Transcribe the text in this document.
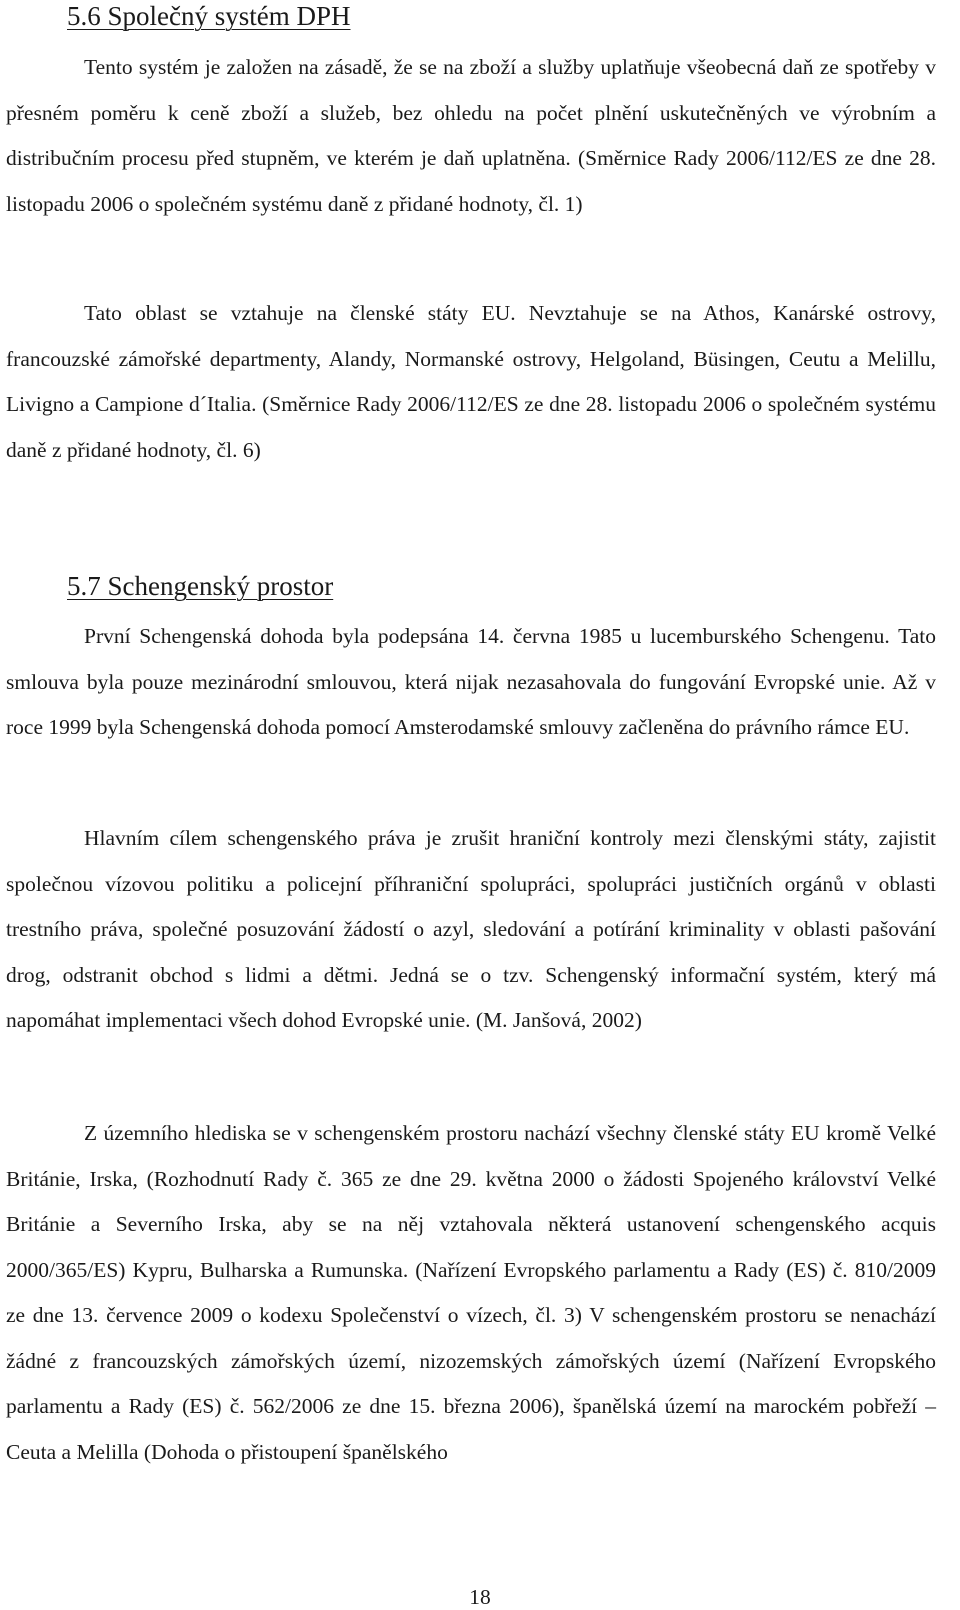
5.6 Společný systém DPH

Tento systém je založen na zásadě, že se na zboží a služby uplatňuje všeobecná daň ze spotřeby v přesném poměru k ceně zboží a služeb, bez ohledu na počet plnění uskutečněných ve výrobním a distribučním procesu před stupněm, ve kterém je daň uplatněna. (Směrnice Rady 2006/112/ES ze dne 28. listopadu 2006 o společném systému daně z přidané hodnoty, čl. 1)

Tato oblast se vztahuje na členské státy EU. Nevztahuje se na Athos, Kanárské ostrovy, francouzské zámořské departmenty, Alandy, Normanské ostrovy, Helgoland, Büsingen, Ceutu a Melillu, Livigno a Campione d´Italia. (Směrnice Rady 2006/112/ES ze dne 28. listopadu 2006 o společném systému daně z přidané hodnoty, čl. 6)

5.7 Schengenský prostor

První Schengenská dohoda byla podepsána 14. června 1985 u lucemburského Schengenu. Tato smlouva byla pouze mezinárodní smlouvou, která nijak nezasahovala do fungování Evropské unie. Až v roce 1999 byla Schengenská dohoda pomocí Amsterodamské smlouvy začleněna do právního rámce EU.

Hlavním cílem schengenského práva je zrušit hraniční kontroly mezi členskými státy, zajistit společnou vízovou politiku a policejní příhraniční spolupráci, spolupráci justičních orgánů v oblasti trestního práva, společné posuzování žádostí o azyl, sledování a potírání kriminality v oblasti pašování drog, odstranit obchod s lidmi a dětmi. Jedná se o tzv. Schengenský informační systém, který má napomáhat implementaci všech dohod Evropské unie. (M. Janšová, 2002)

Z územního hlediska se v schengenském prostoru nachází všechny členské státy EU kromě Velké Británie, Irska, (Rozhodnutí Rady č. 365 ze dne 29. května 2000 o žádosti Spojeného království Velké Británie a Severního Irska, aby se na něj vztahovala některá ustanovení schengenského acquis 2000/365/ES) Kypru, Bulharska a Rumunska. (Nařízení Evropského parlamentu a Rady (ES) č. 810/2009 ze dne 13. července 2009 o kodexu Společenství o vízech, čl. 3) V schengenském prostoru se nenachází žádné z francouzských zámořských území, nizozemských zámořských území (Nařízení Evropského parlamentu a Rady (ES) č. 562/2006 ze dne 15. března 2006), španělská území na marockém pobřeží – Ceuta a Melilla (Dohoda o přistoupení španělského

18
